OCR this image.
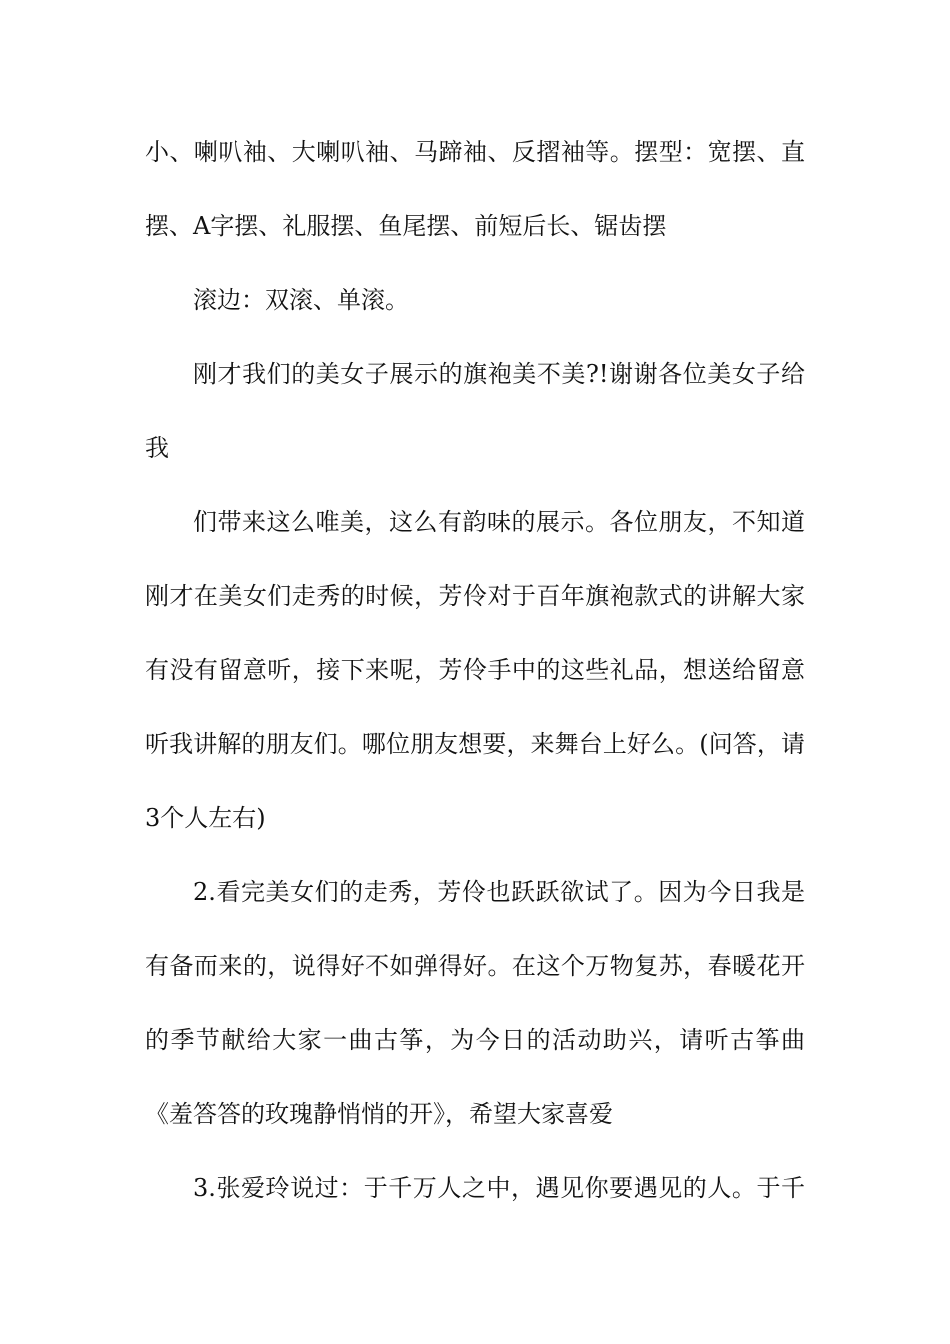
小、喇叭袖、大喇叭袖、马蹄袖、反摺袖等。摆型：宽摆、直
摆、A字摆、礼服摆、鱼尾摆、前短后长、锯齿摆
滚边：双滚、单滚。
刚才我们的美女子展示的旗袍美不美?!谢谢各位美女子给
我
们带来这么唯美，这么有韵味的展示。各位朋友，不知道
刚才在美女们走秀的时候，芳伶对于百年旗袍款式的讲解大家
有没有留意听，接下来呢，芳伶手中的这些礼品，想送给留意
听我讲解的朋友们。哪位朋友想要，来舞台上好么。(问答，请
3个人左右)
2.看完美女们的走秀，芳伶也跃跃欲试了。因为今日我是
有备而来的，说得好不如弹得好。在这个万物复苏，春暖花开
的季节献给大家一曲古筝，为今日的活动助兴，请听古筝曲
《羞答答的玫瑰静悄悄的开》，希望大家喜爱
3.张爱玲说过：于千万人之中，遇见你要遇见的人。于千
